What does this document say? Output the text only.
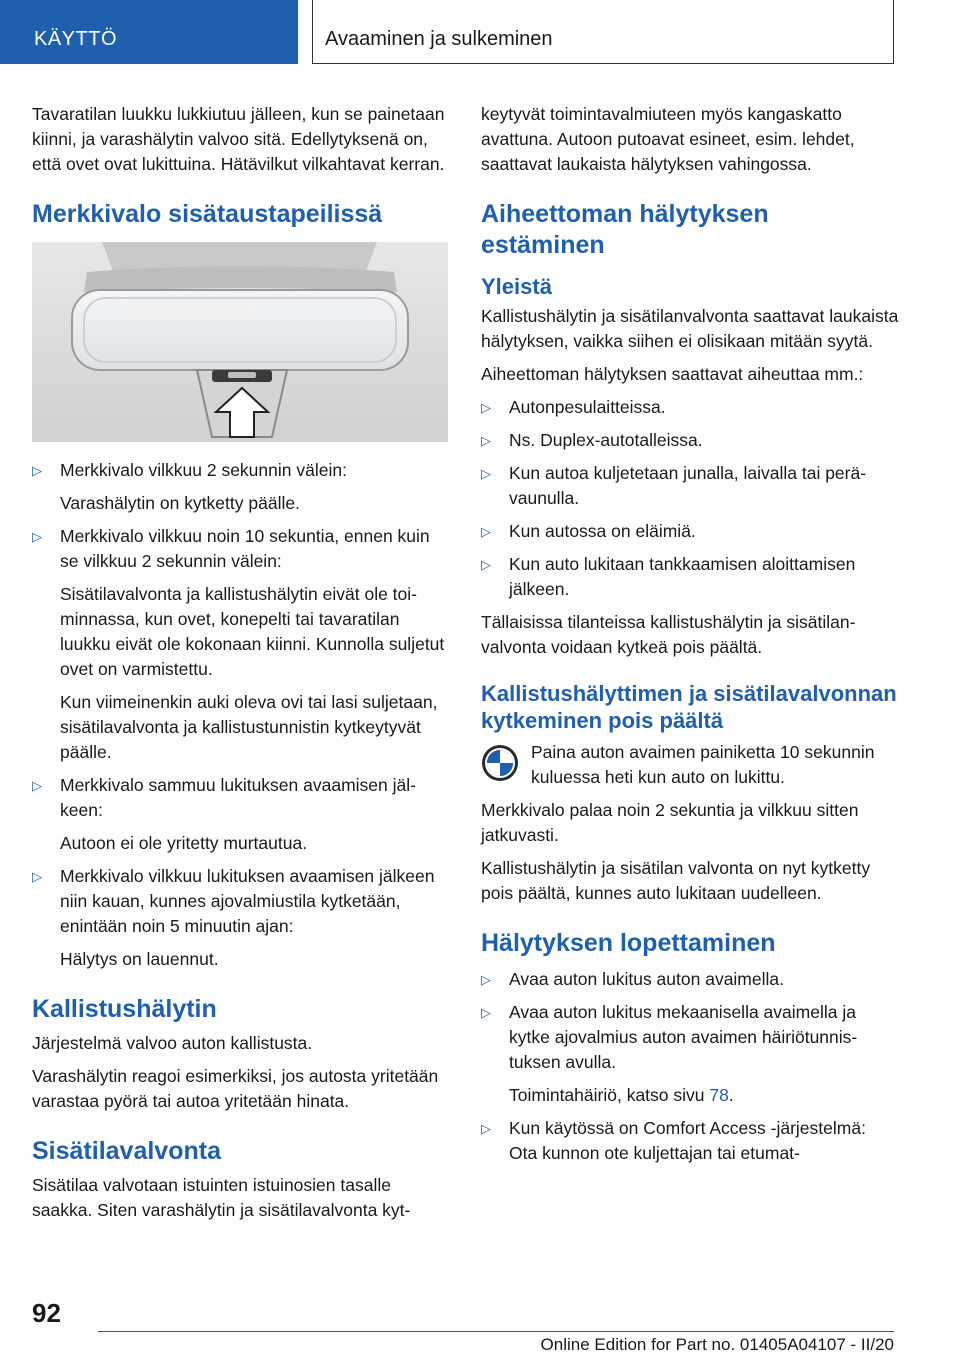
KÄYTTÖ	Avaaminen ja sulkeminen

Tavaratilan luukku lukkiutuu jälleen, kun se painetaan kiinni, ja varashälytin valvoo sitä. Edellytyksenä on, että ovet ovat lukittuina. Hätävilkut vilkahtavat kerran.

Merkkivalo sisätaustapeilissä
▷ Merkkivalo vilkkuu 2 sekunnin välein:

Varashälytin on kytketty päälle.

▷ Merkkivalo vilkkuu noin 10 sekuntia, ennen kuin se vilkkuu 2 sekunnin välein:

Sisätilavalvonta ja kallistushälytin eivät ole toiminnassa, kun ovet, konepelti tai tavaratilan luukku eivät ole kokonaan kiinni. Kunnolla suljetut ovet on varmistettu.

Kun viimeinenkin auki oleva ovi tai lasi suljetaan, sisätilavalvonta ja kallistustunnistin kytkeytyvät päälle.

▷ Merkkivalo sammuu lukituksen avaamisen jälkeen:

Autoon ei ole yritetty murtautua.

▷ Merkkivalo vilkkuu lukituksen avaamisen jälkeen niin kauan, kunnes ajovalmiustila kytketään, enintään noin 5 minuutin ajan:

Hälytys on lauennut.

Kallistushälytin

Järjestelmä valvoo auton kallistusta.

Varashälytin reagoi esimerkiksi, jos autosta yritetään varastaa pyörä tai autoa yritetään hinata.

Sisätilavalvonta

Sisätilaa valvotaan istuinten istuinosien tasalle saakka. Siten varashälytin ja sisätilavalvonta kyt-

keytyvät toimintavalmiuteen myös kangaskatto avattuna. Autoon putoavat esineet, esim. lehdet, saattavat laukaista hälytyksen vahingossa.

Aiheettoman hälytyksen estäminen
Yleistä

Kallistushälytin ja sisätilanvalvonta saattavat laukaista hälytyksen, vaikka siihen ei olisikaan mitään syytä.

Aiheettoman hälytyksen saattavat aiheuttaa mm.:

▷ Autonpesulaitteissa.
▷ Ns. Duplex-autotalleissa.
▷ Kun autoa kuljetetaan junalla, laivalla tai perävaunulla.
▷ Kun autossa on eläimiä.
▷ Kun auto lukitaan tankkaamisen aloittamisen jälkeen.

Tällaisissa tilanteissa kallistushälytin ja sisätilanvalvonta voidaan kytkeä pois päältä.

Kallistushälyttimen ja sisätilavalvonnan kytkeminen pois päältä
Paina auton avaimen painiketta 10 sekunnin kuluessa heti kun auto on lukittu.

Merkkivalo palaa noin 2 sekuntia ja vilkkuu sitten jatkuvasti.

Kallistushälytin ja sisätilan valvonta on nyt kytketty pois päältä, kunnes auto lukitaan uudelleen.

Hälytyksen lopettaminen
▷ Avaa auton lukitus auton avaimella.
▷ Avaa auton lukitus mekaanisella avaimella ja kytke ajovalmius auton avaimen häiriötunnistuksen avulla.

Toimintahäiriö, katso sivu 78.

▷ Kun käytössä on Comfort Access -järjestelmä: Ota kunnon ote kuljettajan tai etumat-
92
Online Edition for Part no. 01405A04107 - II/20
